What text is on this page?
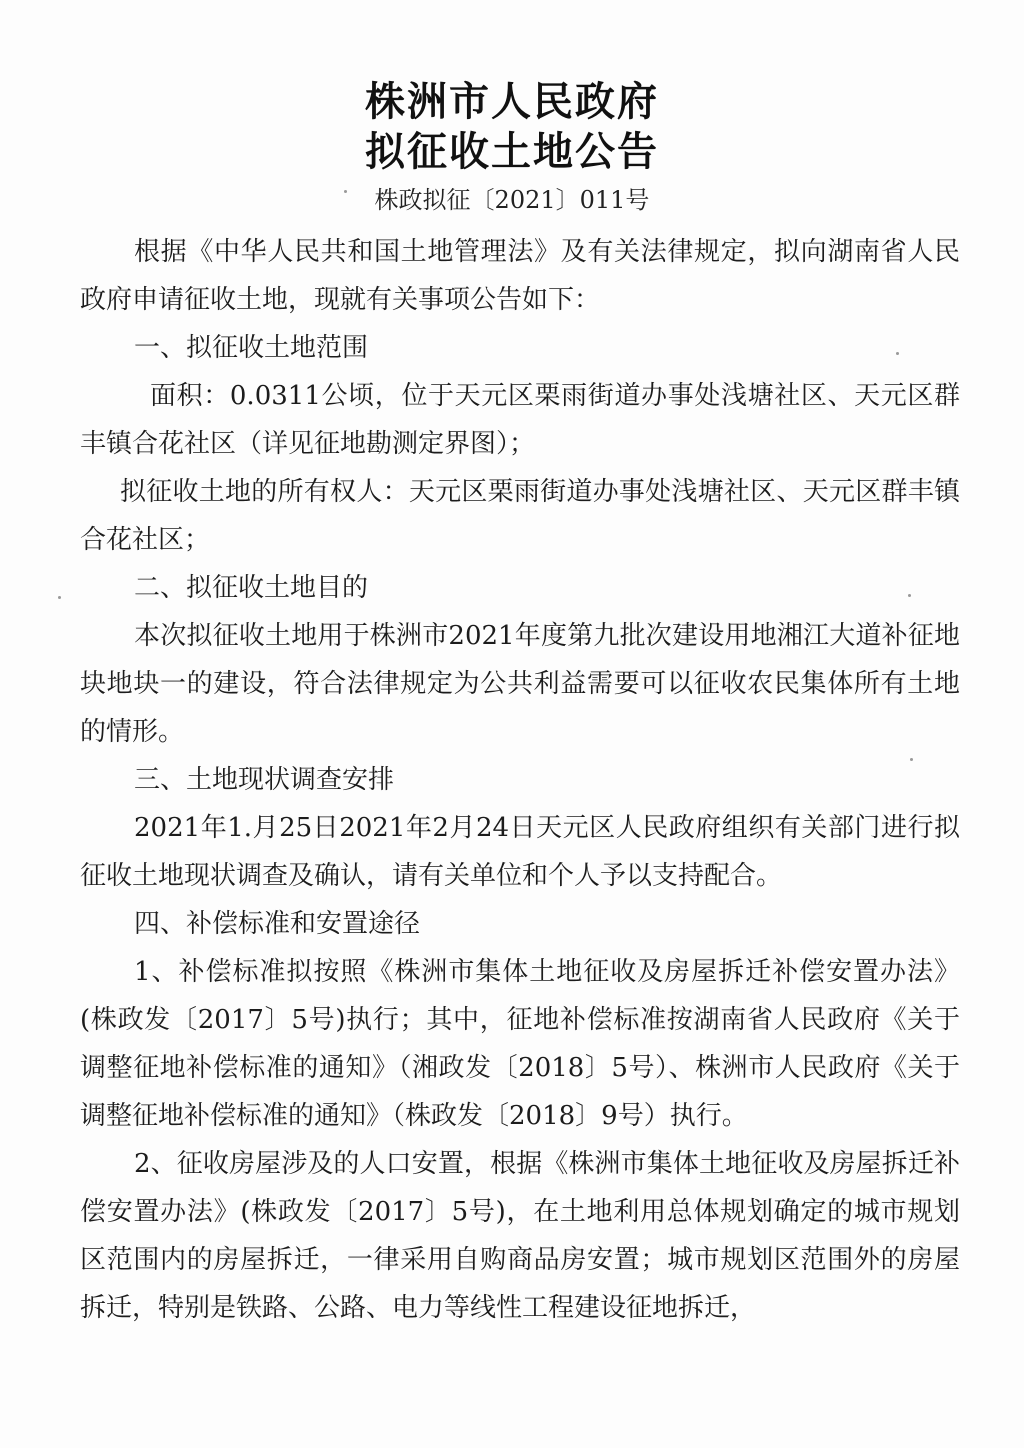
株洲市人民政府
拟征收土地公告
株政拟征〔2021〕011号

根据《中华人民共和国土地管理法》及有关法律规定，拟向湖南省人民政府申请征收土地，现就有关事项公告如下：

一、拟征收土地范围

面积：0.0311公顷，位于天元区栗雨街道办事处浅塘社区、天元区群丰镇合花社区（详见征地勘测定界图）；

拟征收土地的所有权人：天元区栗雨街道办事处浅塘社区、天元区群丰镇合花社区；

二、拟征收土地目的

本次拟征收土地用于株洲市2021年度第九批次建设用地湘江大道补征地块地块一的建设，符合法律规定为公共利益需要可以征收农民集体所有土地的情形。

三、土地现状调查安排

2021年1.月25日2021年2月24日天元区人民政府组织有关部门进行拟征收土地现状调查及确认，请有关单位和个人予以支持配合。

四、补偿标准和安置途径

1、补偿标准拟按照《株洲市集体土地征收及房屋拆迁补偿安置办法》(株政发〔2017〕5号)执行；其中，征地补偿标准按湖南省人民政府《关于调整征地补偿标准的通知》（湘政发〔2018〕5号）、株洲市人民政府《关于调整征地补偿标准的通知》（株政发〔2018〕9号）执行。

2、征收房屋涉及的人口安置，根据《株洲市集体土地征收及房屋拆迁补偿安置办法》(株政发〔2017〕5号)，在土地利用总体规划确定的城市规划区范围内的房屋拆迁，一律采用自购商品房安置；城市规划区范围外的房屋拆迁，特别是铁路、公路、电力等线性工程建设征地拆迁，
